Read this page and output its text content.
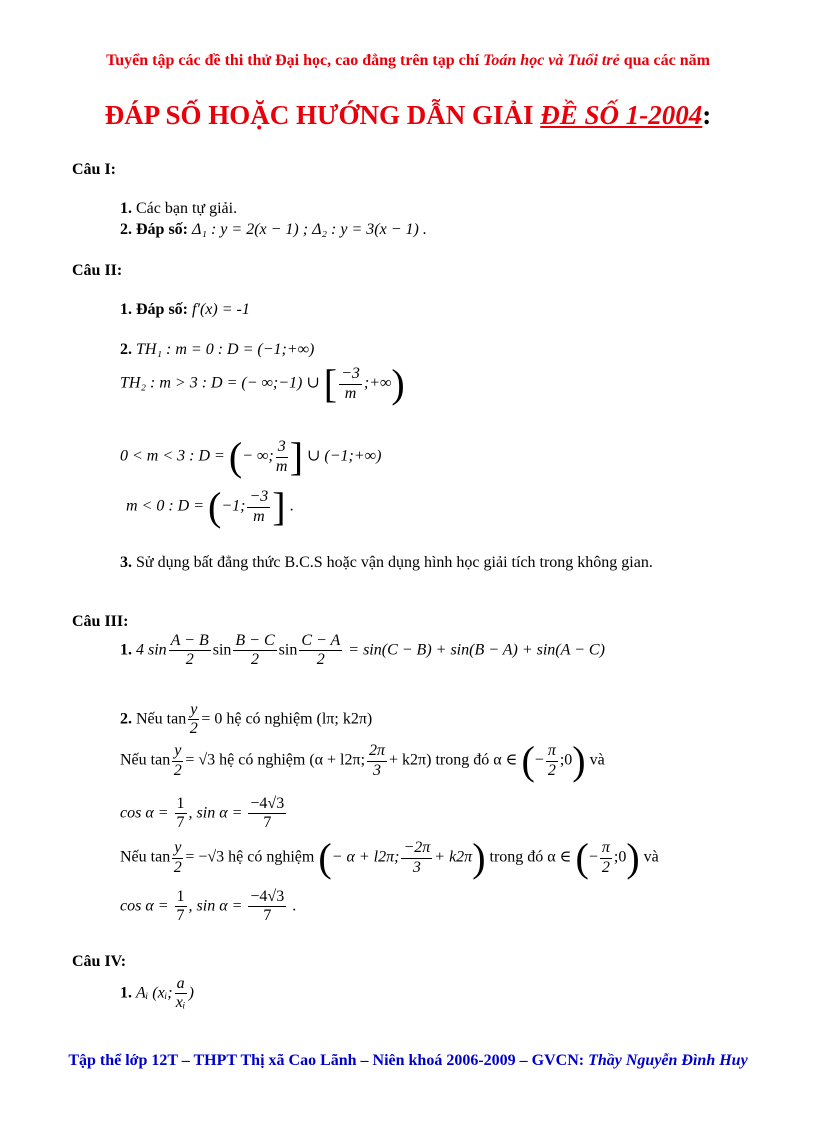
Tuyển tập các đề thi thử Đại học, cao đẳng trên tạp chí Toán học và Tuổi trẻ qua các năm
ĐÁP SỐ HOẶC HƯỚNG DẪN GIẢI ĐỀ SỐ 1-2004:
Câu I:
1. Các bạn tự giải.
2. Đáp số: Δ₁ : y = 2(x − 1) ; Δ₂ : y = 3(x − 1) .
Câu II:
1. Đáp số: f′(x) = -1
2. TH₁ : m = 0 : D = (−1;+∞)
TH₂ : m > 3 : D = (− ∞;−1) ∪ [ $\frac{-3}{m}$ ;+∞)
0 < m < 3 : D = (− ∞; $\frac{3}{m}$ ] ∪ (−1;+∞)
m < 0 : D = (−1; $\frac{-3}{m}$ ] .
3. Sử dụng bất đẳng thức B.C.S hoặc vận dụng hình học giải tích trong không gian.
Câu III:
1. 4 $\sin \frac{A - B}{2}$ $\sin \frac{B - C}{2}$ $\sin \frac{C - A}{2} = \sin(C - B) + \sin(B - A) + \sin(A - C)$
2. Nếu $\tan \frac{y}{2} = 0$ hệ có nghiệm (lπ; k2π)
Nếu $\tan \frac{y}{2} = √3$ hệ có nghiệm (α + l2π; $\frac{2\pi}{3} + k2\pi$) trong đó α ∈ (− $\frac{\pi}{2}$ ;0) và
$\cos \alpha = \frac{1}{7}$ , $\sin \alpha = \frac{-4√3}{7}$
Nếu $\tan \frac{y}{2} = -√3$ hệ có nghiệm (− α + l2π; $\frac{-2\pi}{3} + k2\pi$) trong đó α ∈ (− $\frac{\pi}{2}$ ;0) và
$\cos \alpha = \frac{1}{7}$ , $\sin \alpha = \frac{-4√3}{7}$ .
Câu IV:
1. Aᵢ (xᵢ; $\frac{a}{\text{xᵢ}}$ )
Tập thể lớp 12T – THPT Thị xã Cao Lãnh – Niên khoá 2006-2009 – GVCN: Thầy Nguyễn Đình Huy
